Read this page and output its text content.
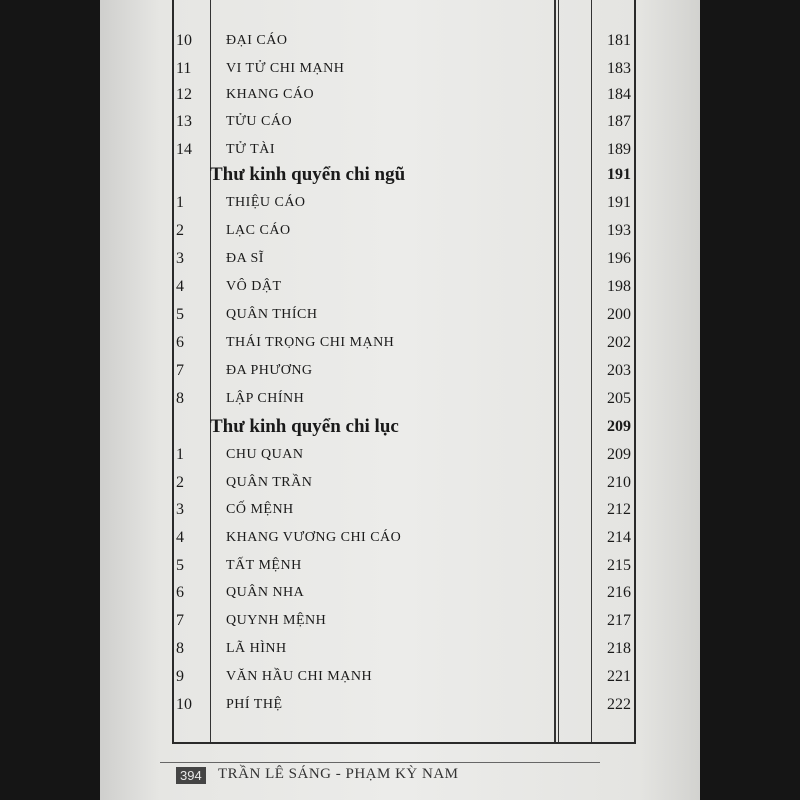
10	ĐẠI CÁO	181
11	VI TỬ CHI MẠNH	183
12	KHANG CÁO	184
13	TỬU CÁO	187
14	TỬ TÀI	189
Thư kinh quyển chi ngũ	191
1	THIỆU CÁO	191
2	LẠC CÁO	193
3	ĐA SĨ	196
4	VÔ DẬT	198
5	QUÂN THÍCH	200
6	THÁI TRỌNG CHI MẠNH	202
7	ĐA PHƯƠNG	203
8	LẬP CHÍNH	205
Thư kinh quyển chi lục	209
1	CHU QUAN	209
2	QUÂN TRẦN	210
3	CỐ MỆNH	212
4	KHANG VƯƠNG CHI CÁO	214
5	TẤT MỆNH	215
6	QUÂN NHA	216
7	QUYNH MỆNH	217
8	LÃ HÌNH	218
9	VĂN HẦU CHI MẠNH	221
10	PHÍ THỆ	222
394 TRẦN LÊ SÁNG - PHẠM KỲ NAM
